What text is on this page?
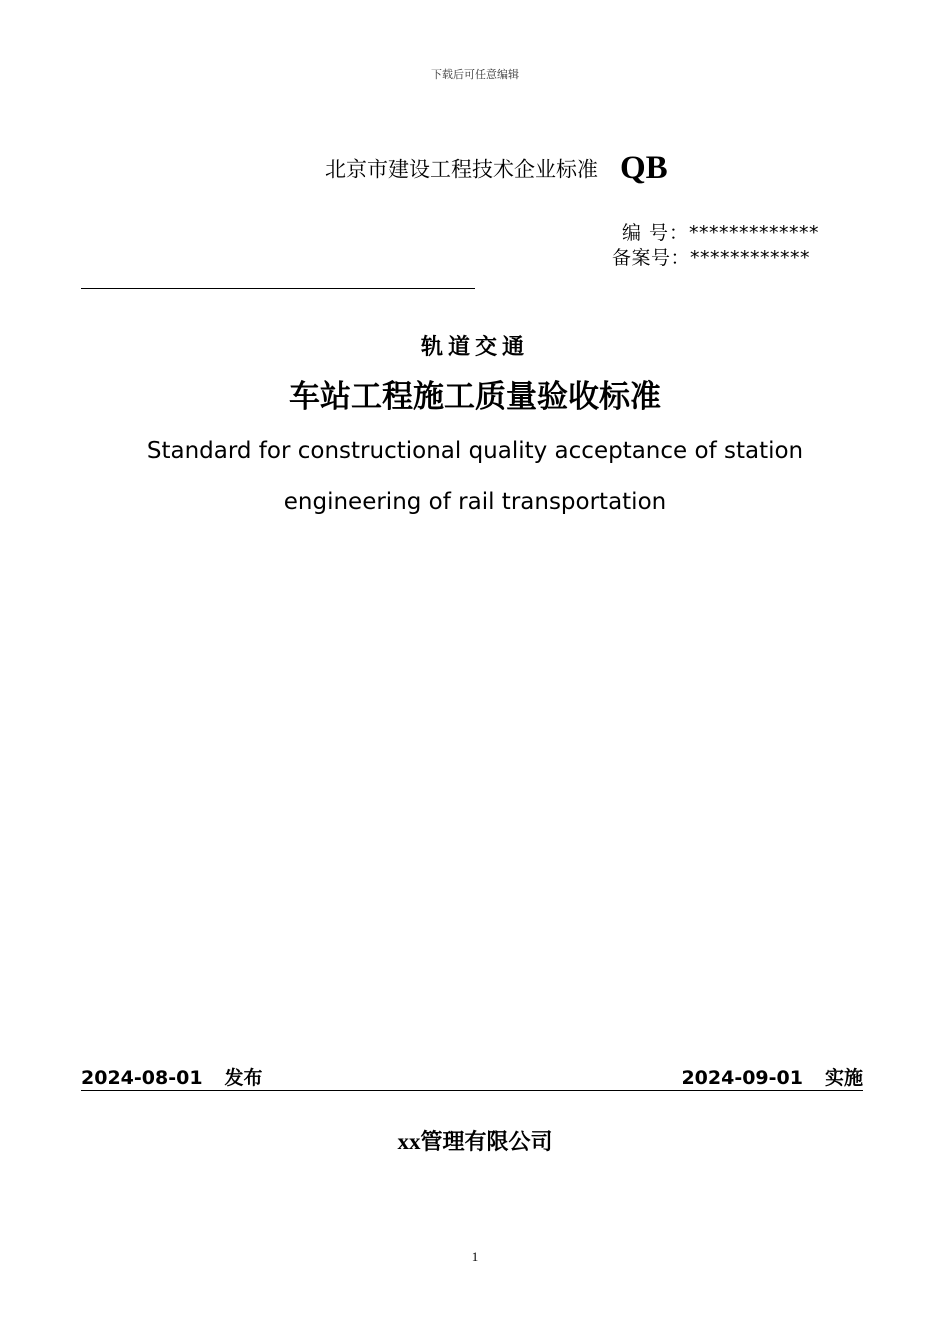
下载后可任意编辑
北京市建设工程技术企业标准 QB
编 号：*************
备案号：************
轨道交通
车站工程施工质量验收标准
Standard for constructional quality acceptance of station
engineering of rail transportation
2024-08-01 发布	2024-09-01 实施
xx管理有限公司
1
